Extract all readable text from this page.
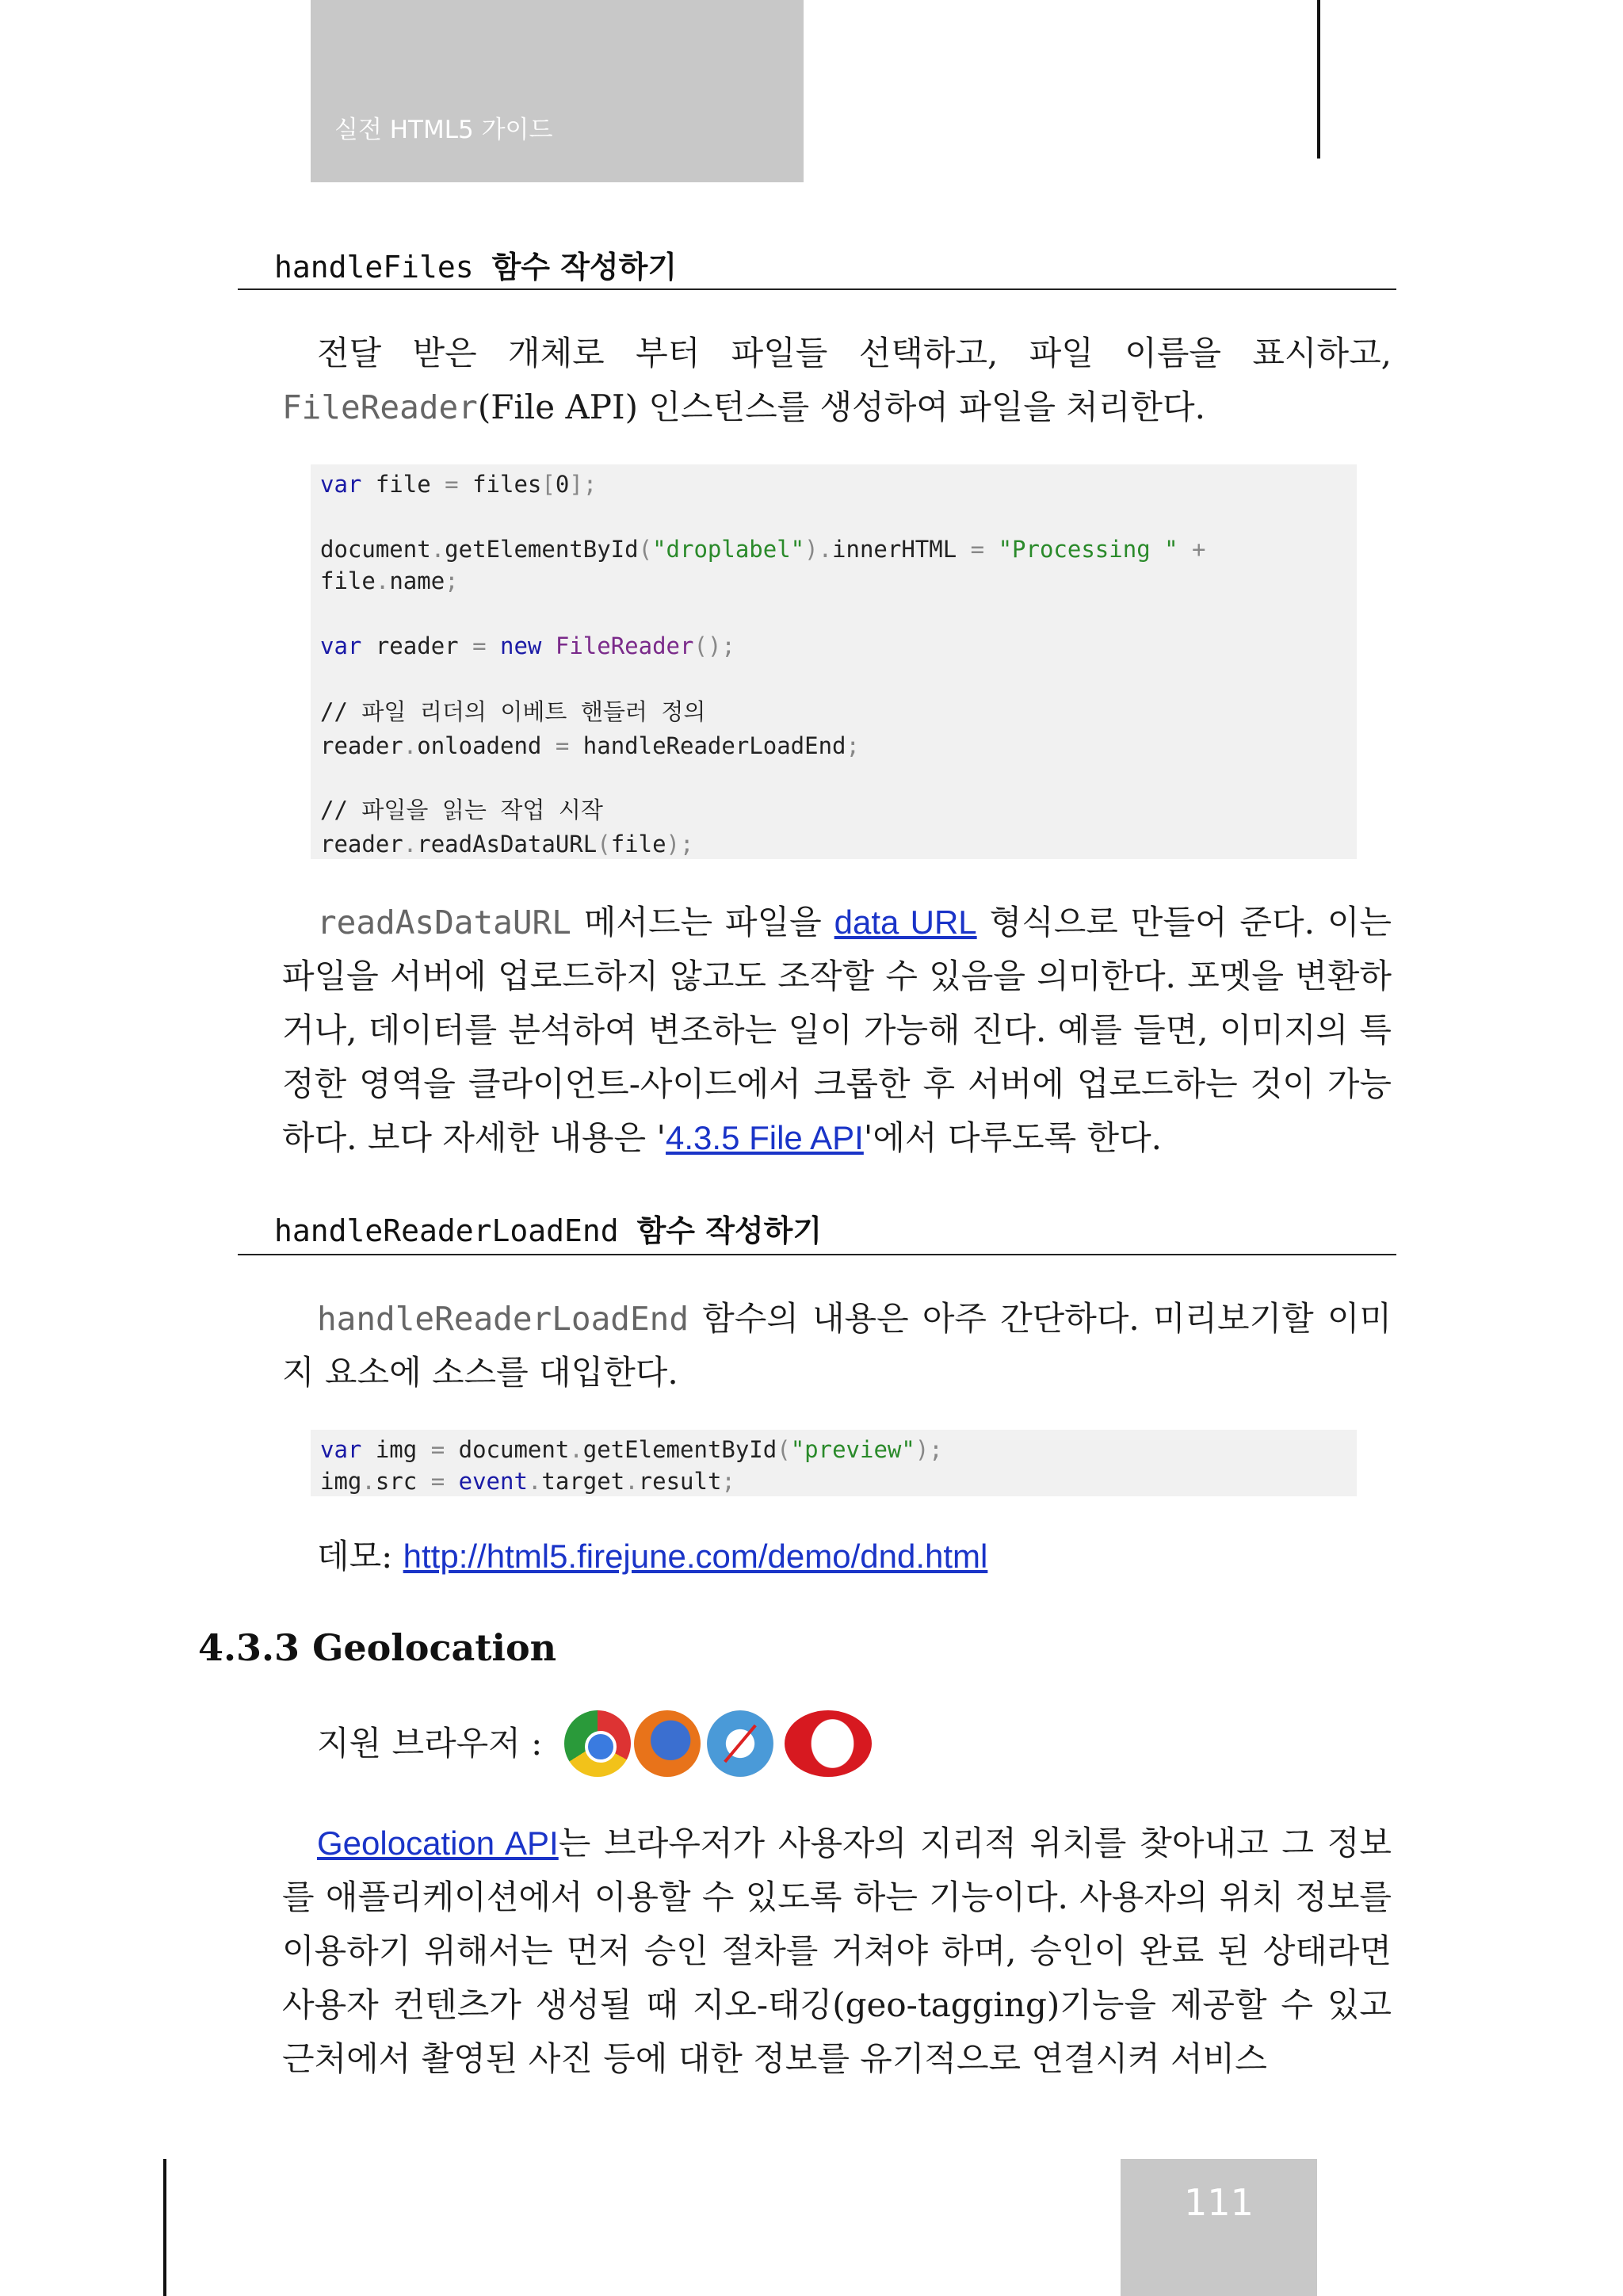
실전 HTML5 가이드
handleFiles 함수 작성하기
전달 받은 개체로 부터 파일들 선택하고, 파일 이름을 표시하고,
FileReader(File API) 인스턴스를 생성하여 파일을 처리한다.
var file = files[0];
document.getElementById("droplabel").innerHTML = "Processing " +
file.name;
var reader = new FileReader();
// 파일 리더의 이베트 핸들러 정의
reader.onloadend = handleReaderLoadEnd;
// 파일을 읽는 작업 시작
reader.readAsDataURL(file);
readAsDataURL 메서드는 파일을 data URL 형식으로 만들어 준다. 이는 파일을 서버에 업로드하지 않고도 조작할 수 있음을 의미한다. 포멧을 변환하거나, 데이터를 분석하여 변조하는 일이 가능해 진다. 예를 들면, 이미지의 특정한 영역을 클라이언트-사이드에서 크롭한 후 서버에 업로드하는 것이 가능하다. 보다 자세한 내용은 '4.3.5 File API'에서 다루도록 한다.
handleReaderLoadEnd 함수 작성하기
handleReaderLoadEnd 함수의 내용은 아주 간단하다. 미리보기할 이미지 요소에 소스를 대입한다.
var img = document.getElementById("preview");
img.src = event.target.result;
데모: http://html5.firejune.com/demo/dnd.html
4.3.3 Geolocation
지원 브라우저 :
Geolocation API는 브라우저가 사용자의 지리적 위치를 찾아내고 그 정보를 애플리케이션에서 이용할 수 있도록 하는 기능이다. 사용자의 위치 정보를 이용하기 위해서는 먼저 승인 절차를 거쳐야 하며, 승인이 완료 된 상태라면 사용자 컨텐츠가 생성될 때 지오-태깅(geo-tagging)기능을 제공할 수 있고 근처에서 촬영된 사진 등에 대한 정보를 유기적으로 연결시켜 서비스
111
